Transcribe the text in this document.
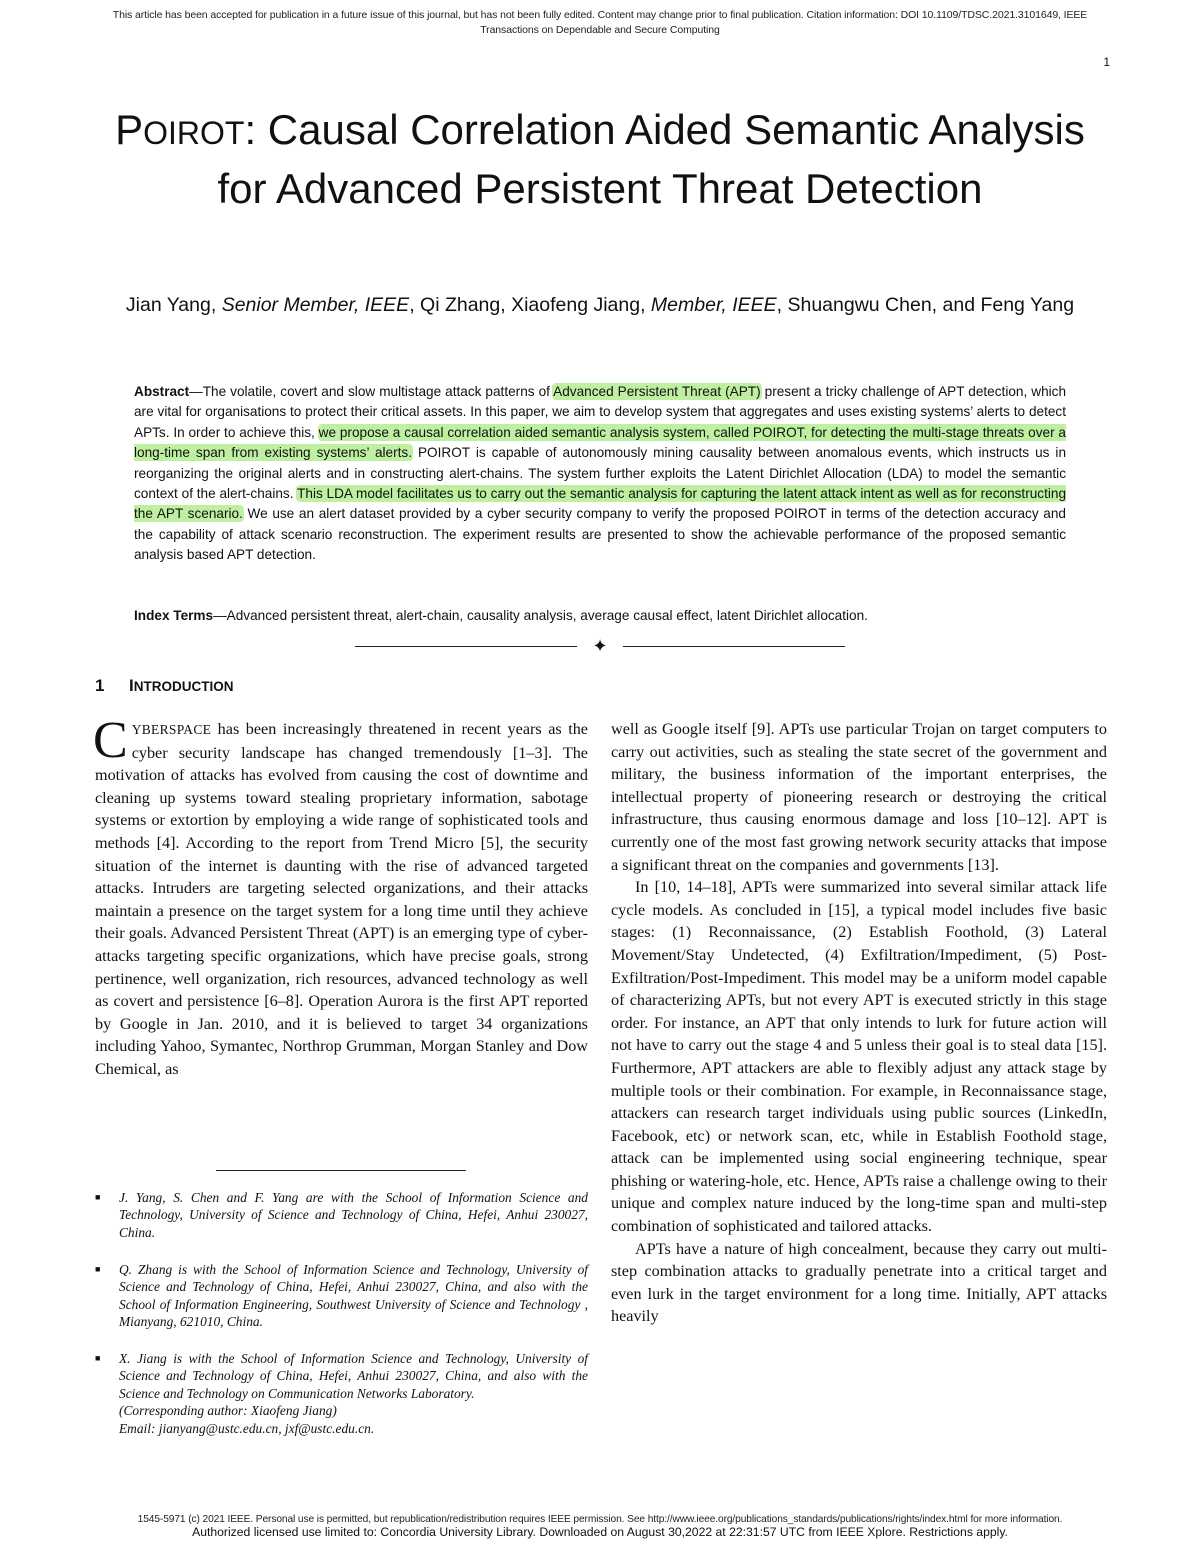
This article has been accepted for publication in a future issue of this journal, but has not been fully edited. Content may change prior to final publication. Citation information: DOI 10.1109/TDSC.2021.3101649, IEEE
Transactions on Dependable and Secure Computing
1
POIROT: Causal Correlation Aided Semantic Analysis for Advanced Persistent Threat Detection
Jian Yang, Senior Member, IEEE, Qi Zhang, Xiaofeng Jiang, Member, IEEE, Shuangwu Chen, and Feng Yang

Abstract—The volatile, covert and slow multistage attack patterns of Advanced Persistent Threat (APT) present a tricky challenge of APT detection, which are vital for organisations to protect their critical assets. In this paper, we aim to develop system that aggregates and uses existing systems’ alerts to detect APTs. In order to achieve this, we propose a causal correlation aided semantic analysis system, called POIROT, for detecting the multi-stage threats over a long-time span from existing systems’ alerts. POIROT is capable of autonomously mining causality between anomalous events, which instructs us in reorganizing the original alerts and in constructing alert-chains. The system further exploits the Latent Dirichlet Allocation (LDA) to model the semantic context of the alert-chains. This LDA model facilitates us to carry out the semantic analysis for capturing the latent attack intent as well as for reconstructing the APT scenario. We use an alert dataset provided by a cyber security company to verify the proposed POIROT in terms of the detection accuracy and the capability of attack scenario reconstruction. The experiment results are presented to show the achievable performance of the proposed semantic analysis based APT detection.

Index Terms—Advanced persistent threat, alert-chain, causality analysis, average causal effect, latent Dirichlet allocation.

✦
1 INTRODUCTION

CYBERSPACE has been increasingly threatened in recent years as the cyber security landscape has changed tremendously [1–3]. The motivation of attacks has evolved from causing the cost of downtime and cleaning up systems toward stealing proprietary information, sabotage systems or extortion by employing a wide range of sophisticated tools and methods [4]. According to the report from Trend Micro [5], the security situation of the internet is daunting with the rise of advanced targeted attacks. Intruders are targeting selected organizations, and their attacks maintain a presence on the target system for a long time until they achieve their goals. Advanced Persistent Threat (APT) is an emerging type of cyber-attacks targeting specific organizations, which have precise goals, strong pertinence, well organization, rich resources, advanced technology as well as covert and persistence [6–8]. Operation Aurora is the first APT reported by Google in Jan. 2010, and it is believed to target 34 organizations including Yahoo, Symantec, Northrop Grumman, Morgan Stanley and Dow Chemical, as

well as Google itself [9]. APTs use particular Trojan on target computers to carry out activities, such as stealing the state secret of the government and military, the business information of the important enterprises, the intellectual property of pioneering research or destroying the critical infrastructure, thus causing enormous damage and loss [10–12]. APT is currently one of the most fast growing network security attacks that impose a significant threat on the companies and governments [13].

In [10, 14–18], APTs were summarized into several similar attack life cycle models. As concluded in [15], a typical model includes five basic stages: (1) Reconnaissance, (2) Establish Foothold, (3) Lateral Movement/Stay Undetected, (4) Exfiltration/Impediment, (5) Post-Exfiltration/Post-Impediment. This model may be a uniform model capable of characterizing APTs, but not every APT is executed strictly in this stage order. For instance, an APT that only intends to lurk for future action will not have to carry out the stage 4 and 5 unless their goal is to steal data [15]. Furthermore, APT attackers are able to flexibly adjust any attack stage by multiple tools or their combination. For example, in Reconnaissance stage, attackers can research target individuals using public sources (LinkedIn, Facebook, etc) or network scan, etc, while in Establish Foothold stage, attack can be implemented using social engineering technique, spear phishing or watering-hole, etc. Hence, APTs raise a challenge owing to their unique and complex nature induced by the long-time span and multi-step combination of sophisticated and tailored attacks.

APTs have a nature of high concealment, because they carry out multi-step combination attacks to gradually penetrate into a critical target and even lurk in the target environment for a long time. Initially, APT attacks heavily

■ J. Yang, S. Chen and F. Yang are with the School of Information Science and Technology, University of Science and Technology of China, Hefei, Anhui 230027, China.
■ Q. Zhang is with the School of Information Science and Technology, University of Science and Technology of China, Hefei, Anhui 230027, China, and also with the School of Information Engineering, Southwest University of Science and Technology , Mianyang, 621010, China.
■ X. Jiang is with the School of Information Science and Technology, University of Science and Technology of China, Hefei, Anhui 230027, China, and also with the Science and Technology on Communication Networks Laboratory.
(Corresponding author: Xiaofeng Jiang)
Email: jianyang@ustc.edu.cn, jxf@ustc.edu.cn.
1545-5971 (c) 2021 IEEE. Personal use is permitted, but republication/redistribution requires IEEE permission. See http://www.ieee.org/publications_standards/publications/rights/index.html for more information.
Authorized licensed use limited to: Concordia University Library. Downloaded on August 30,2022 at 22:31:57 UTC from IEEE Xplore. Restrictions apply.
